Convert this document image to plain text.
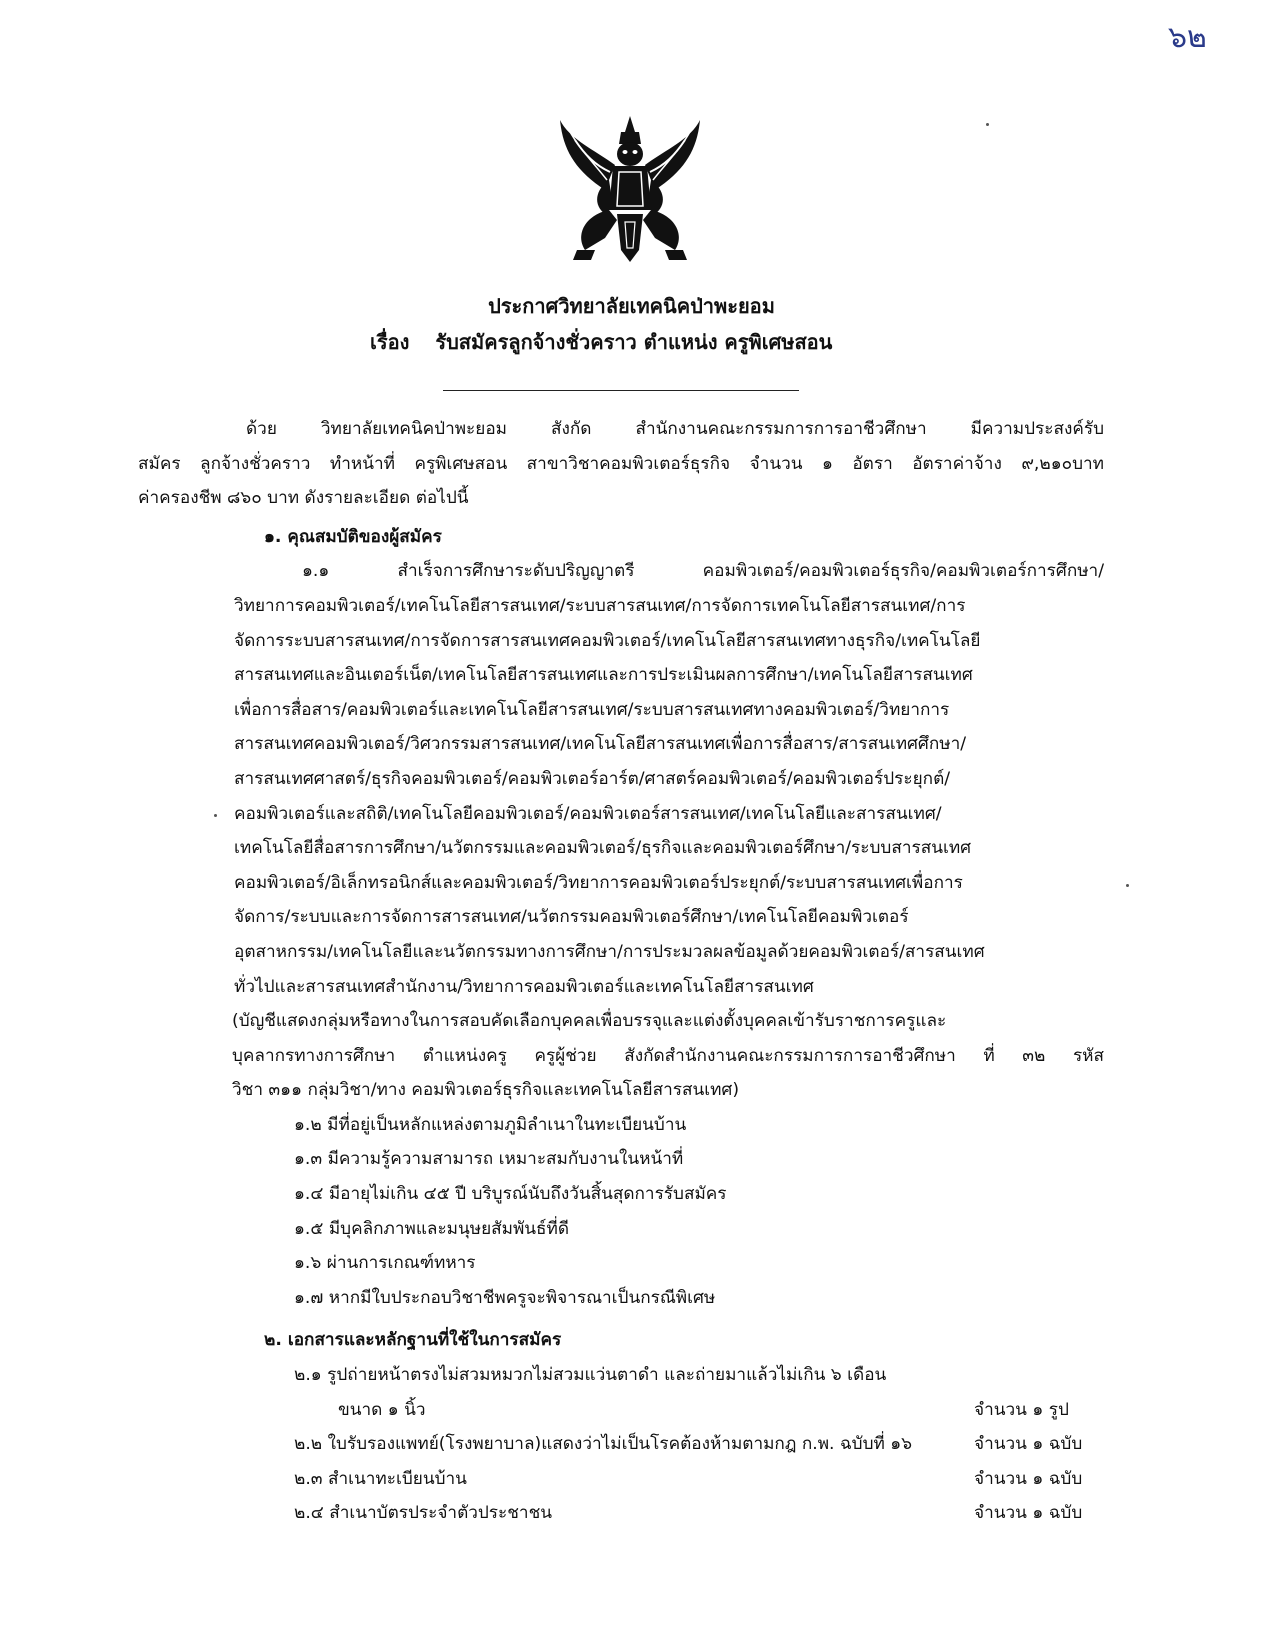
๖๒
ประกาศวิทยาลัยเทคนิคป่าพะยอม
เรื่อง รับสมัครลูกจ้างชั่วคราว ตำแหน่ง ครูพิเศษสอน
ด้วย วิทยาลัยเทคนิคป่าพะยอม สังกัด สำนักงานคณะกรรมการการอาชีวศึกษา มีความประสงค์รับ
สมัคร ลูกจ้างชั่วคราว ทำหน้าที่ ครูพิเศษสอน สาขาวิชาคอมพิวเตอร์ธุรกิจ จำนวน ๑ อัตรา อัตราค่าจ้าง ๙,๒๑๐บาท
ค่าครองชีพ ๘๖๐ บาท ดังรายละเอียด ต่อไปนี้
๑. คุณสมบัติของผู้สมัคร
๑.๑ สำเร็จการศึกษาระดับปริญญาตรี คอมพิวเตอร์/คอมพิวเตอร์ธุรกิจ/คอมพิวเตอร์การศึกษา/
วิทยาการคอมพิวเตอร์/เทคโนโลยีสารสนเทศ/ระบบสารสนเทศ/การจัดการเทคโนโลยีสารสนเทศ/การ
จัดการระบบสารสนเทศ/การจัดการสารสนเทศคอมพิวเตอร์/เทคโนโลยีสารสนเทศทางธุรกิจ/เทคโนโลยี
สารสนเทศและอินเตอร์เน็ต/เทคโนโลยีสารสนเทศและการประเมินผลการศึกษา/เทคโนโลยีสารสนเทศ
เพื่อการสื่อสาร/คอมพิวเตอร์และเทคโนโลยีสารสนเทศ/ระบบสารสนเทศทางคอมพิวเตอร์/วิทยาการ
สารสนเทศคอมพิวเตอร์/วิศวกรรมสารสนเทศ/เทคโนโลยีสารสนเทศเพื่อการสื่อสาร/สารสนเทศศึกษา/
สารสนเทศศาสตร์/ธุรกิจคอมพิวเตอร์/คอมพิวเตอร์อาร์ต/ศาสตร์คอมพิวเตอร์/คอมพิวเตอร์ประยุกต์/
คอมพิวเตอร์และสถิติ/เทคโนโลยีคอมพิวเตอร์/คอมพิวเตอร์สารสนเทศ/เทคโนโลยีและสารสนเทศ/
เทคโนโลยีสื่อสารการศึกษา/นวัตกรรมและคอมพิวเตอร์/ธุรกิจและคอมพิวเตอร์ศึกษา/ระบบสารสนเทศ
คอมพิวเตอร์/อิเล็กทรอนิกส์และคอมพิวเตอร์/วิทยาการคอมพิวเตอร์ประยุกต์/ระบบสารสนเทศเพื่อการ
จัดการ/ระบบและการจัดการสารสนเทศ/นวัตกรรมคอมพิวเตอร์ศึกษา/เทคโนโลยีคอมพิวเตอร์
อุตสาหกรรม/เทคโนโลยีและนวัตกรรมทางการศึกษา/การประมวลผลข้อมูลด้วยคอมพิวเตอร์/สารสนเทศ
ทั่วไปและสารสนเทศสำนักงาน/วิทยาการคอมพิวเตอร์และเทคโนโลยีสารสนเทศ
(บัญชีแสดงกลุ่มหรือทางในการสอบคัดเลือกบุคคลเพื่อบรรจุและแต่งตั้งบุคคลเข้ารับราชการครูและ
บุคลากรทางการศึกษา ตำแหน่งครู ครูผู้ช่วย สังกัดสำนักงานคณะกรรมการการอาชีวศึกษา ที่ ๓๒ รหัส
วิชา ๓๑๑ กลุ่มวิชา/ทาง คอมพิวเตอร์ธุรกิจและเทคโนโลยีสารสนเทศ)
๑.๒ มีที่อยู่เป็นหลักแหล่งตามภูมิลำเนาในทะเบียนบ้าน
๑.๓ มีความรู้ความสามารถ เหมาะสมกับงานในหน้าที่
๑.๔ มีอายุไม่เกิน ๔๕ ปี บริบูรณ์นับถึงวันสิ้นสุดการรับสมัคร
๑.๕ มีบุคลิกภาพและมนุษยสัมพันธ์ที่ดี
๑.๖ ผ่านการเกณฑ์ทหาร
๑.๗ หากมีใบประกอบวิชาชีพครูจะพิจารณาเป็นกรณีพิเศษ
๒. เอกสารและหลักฐานที่ใช้ในการสมัคร
๒.๑ รูปถ่ายหน้าตรงไม่สวมหมวกไม่สวมแว่นตาดำ และถ่ายมาแล้วไม่เกิน ๖ เดือน
ขนาด ๑ นิ้ว	จำนวน ๑ รูป
๒.๒ ใบรับรองแพทย์(โรงพยาบาล)แสดงว่าไม่เป็นโรคต้องห้ามตามกฎ ก.พ. ฉบับที่ ๑๖	จำนวน ๑ ฉบับ
๒.๓ สำเนาทะเบียนบ้าน	จำนวน ๑ ฉบับ
๒.๔ สำเนาบัตรประจำตัวประชาชน	จำนวน ๑ ฉบับ
